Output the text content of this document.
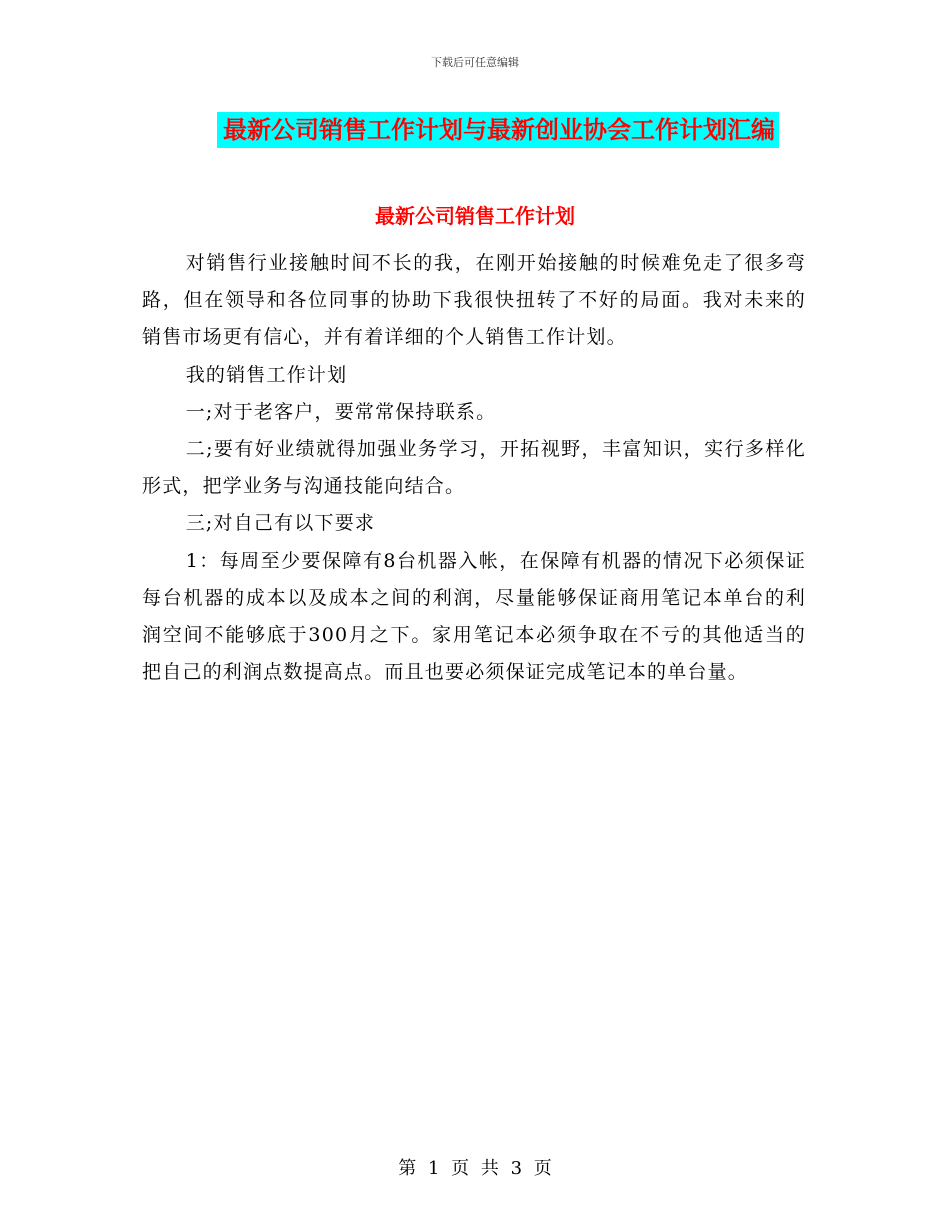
下载后可任意编辑
最新公司销售工作计划与最新创业协会工作计划汇编
最新公司销售工作计划

对销售行业接触时间不长的我，在刚开始接触的时候难免走了很多弯路，但在领导和各位同事的协助下我很快扭转了不好的局面。我对未来的销售市场更有信心，并有着详细的个人销售工作计划。

我的销售工作计划

一;对于老客户，要常常保持联系。

二;要有好业绩就得加强业务学习，开拓视野，丰富知识，实行多样化形式，把学业务与沟通技能向结合。

三;对自己有以下要求

1：每周至少要保障有8台机器入帐，在保障有机器的情况下必须保证每台机器的成本以及成本之间的利润，尽量能够保证商用笔记本单台的利润空间不能够底于300月之下。家用笔记本必须争取在不亏的其他适当的把自己的利润点数提高点。而且也要必须保证完成笔记本的单台量。

第 1 页 共 3 页
